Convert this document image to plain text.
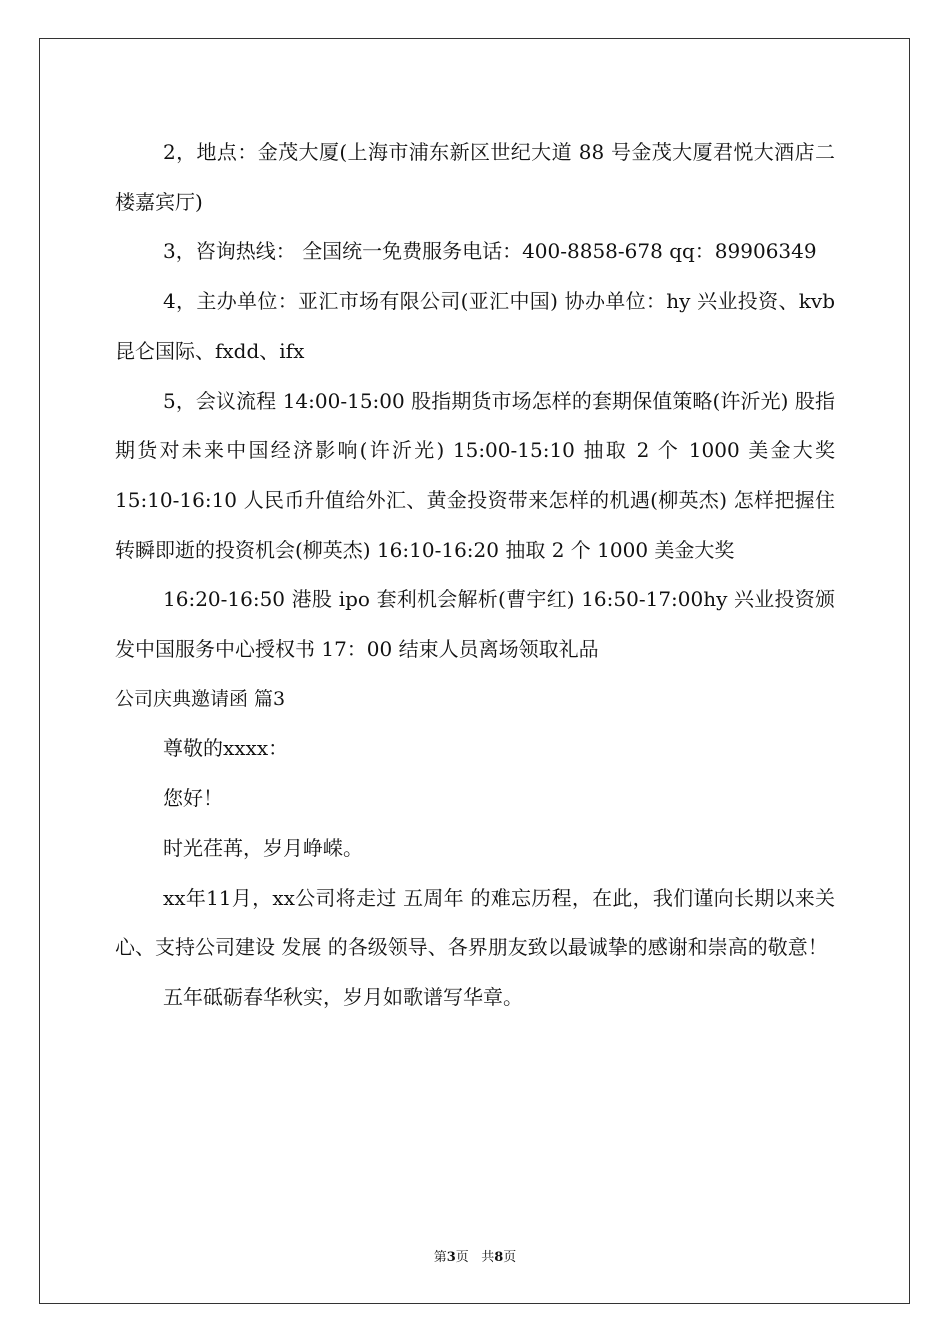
2，地点：金茂大厦(上海市浦东新区世纪大道 88 号金茂大厦君悦大酒店二楼嘉宾厅)

3，咨询热线： 全国统一免费服务电话：400-8858-678 qq：89906349

4，主办单位：亚汇市场有限公司(亚汇中国) 协办单位：hy 兴业投资、kvb 昆仑国际、fxdd、ifx

5，会议流程 14:00-15:00 股指期货市场怎样的套期保值策略(许沂光) 股指期货对未来中国经济影响(许沂光) 15:00-15:10 抽取 2 个 1000 美金大奖 15:10-16:10 人民币升值给外汇、黄金投资带来怎样的机遇(柳英杰) 怎样把握住转瞬即逝的投资机会(柳英杰) 16:10-16:20 抽取 2 个 1000 美金大奖

16:20-16:50 港股 ipo 套利机会解析(曹宇红) 16:50-17:00hy 兴业投资颁发中国服务中心授权书 17：00 结束人员离场领取礼品

公司庆典邀请函 篇3

尊敬的xxxx：

您好！

时光荏苒，岁月峥嵘。

xx年11月，xx公司将走过 五周年 的难忘历程，在此，我们谨向长期以来关心、支持公司建设 发展 的各级领导、各界朋友致以最诚挚的感谢和崇高的敬意！

五年砥砺春华秋实，岁月如歌谱写华章。

第3页   共8页
